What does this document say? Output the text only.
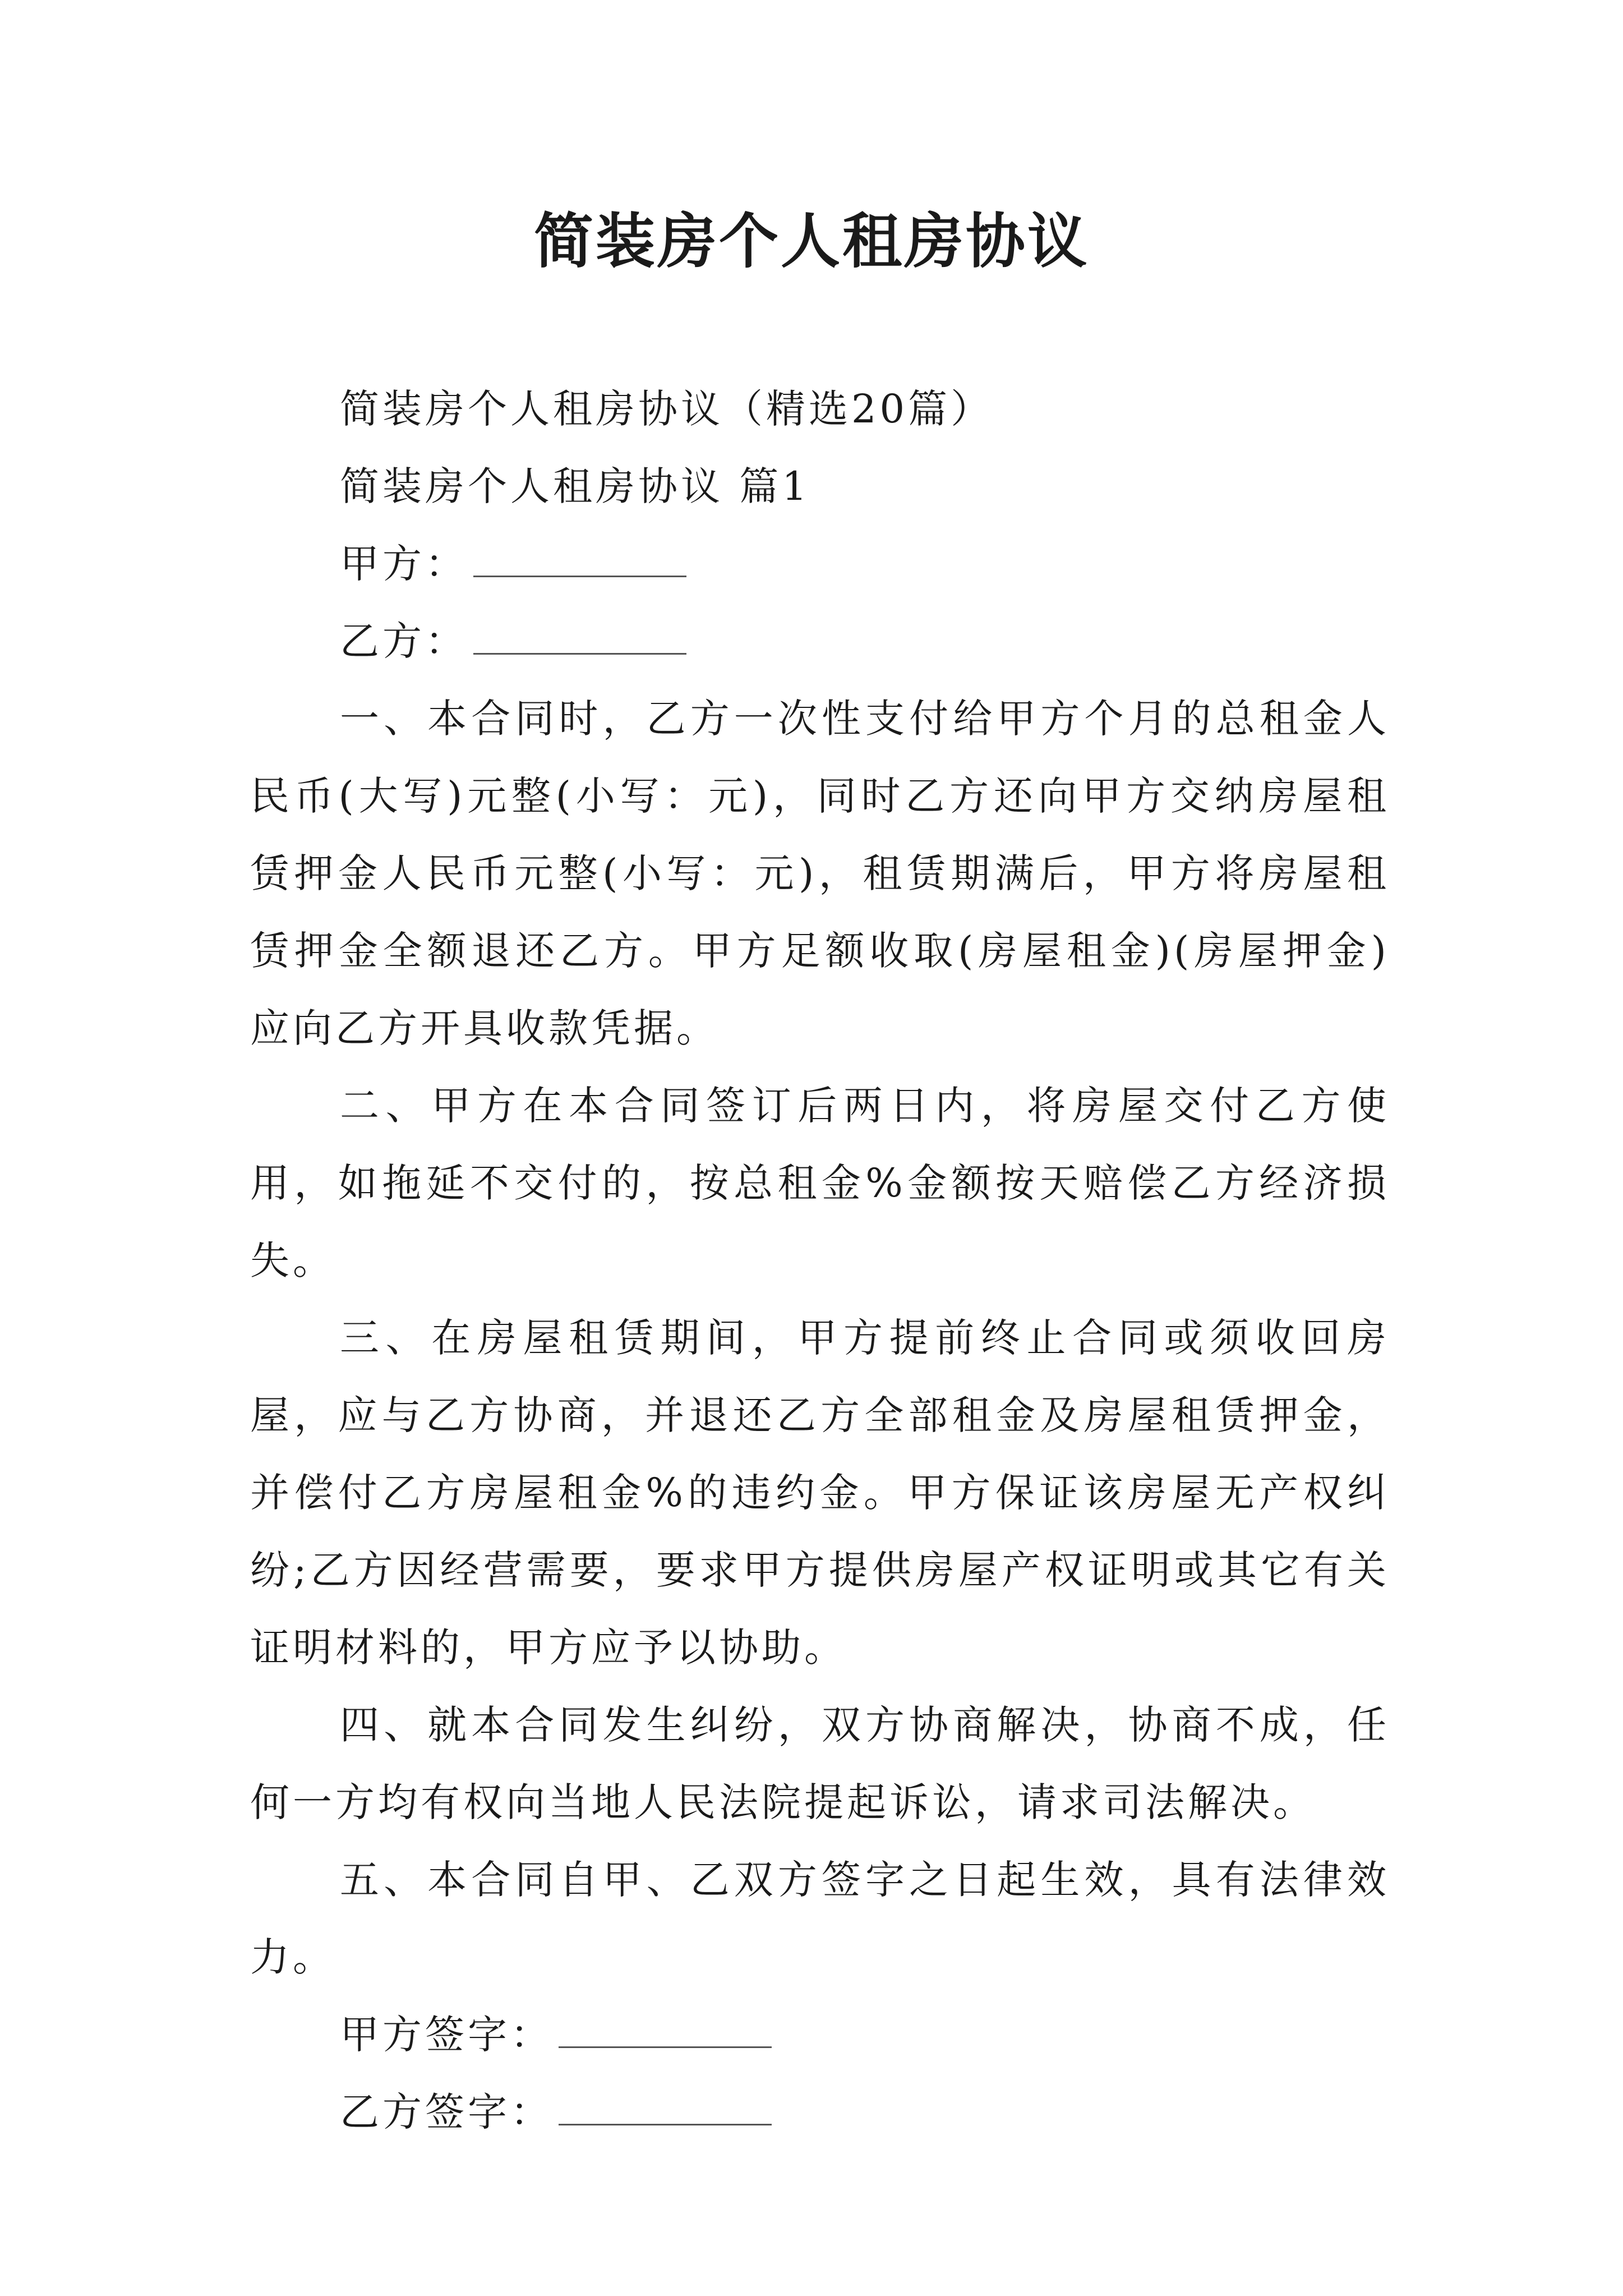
简装房个人租房协议
简装房个人租房协议（精选20篇）
简装房个人租房协议 篇1
甲方：
乙方：

一、本合同时，乙方一次性支付给甲方个月的总租金人民币(大写)元整(小写：元)，同时乙方还向甲方交纳房屋租赁押金人民币元整(小写：元)，租赁期满后，甲方将房屋租赁押金全额退还乙方。甲方足额收取(房屋租金)(房屋押金)应向乙方开具收款凭据。

二、甲方在本合同签订后两日内，将房屋交付乙方使用，如拖延不交付的，按总租金%金额按天赔偿乙方经济损失。

三、在房屋租赁期间，甲方提前终止合同或须收回房屋，应与乙方协商，并退还乙方全部租金及房屋租赁押金，并偿付乙方房屋租金%的违约金。甲方保证该房屋无产权纠纷;乙方因经营需要，要求甲方提供房屋产权证明或其它有关证明材料的，甲方应予以协助。

四、就本合同发生纠纷，双方协商解决，协商不成，任何一方均有权向当地人民法院提起诉讼，请求司法解决。

五、本合同自甲、乙双方签字之日起生效，具有法律效力。

甲方签字：
乙方签字：
